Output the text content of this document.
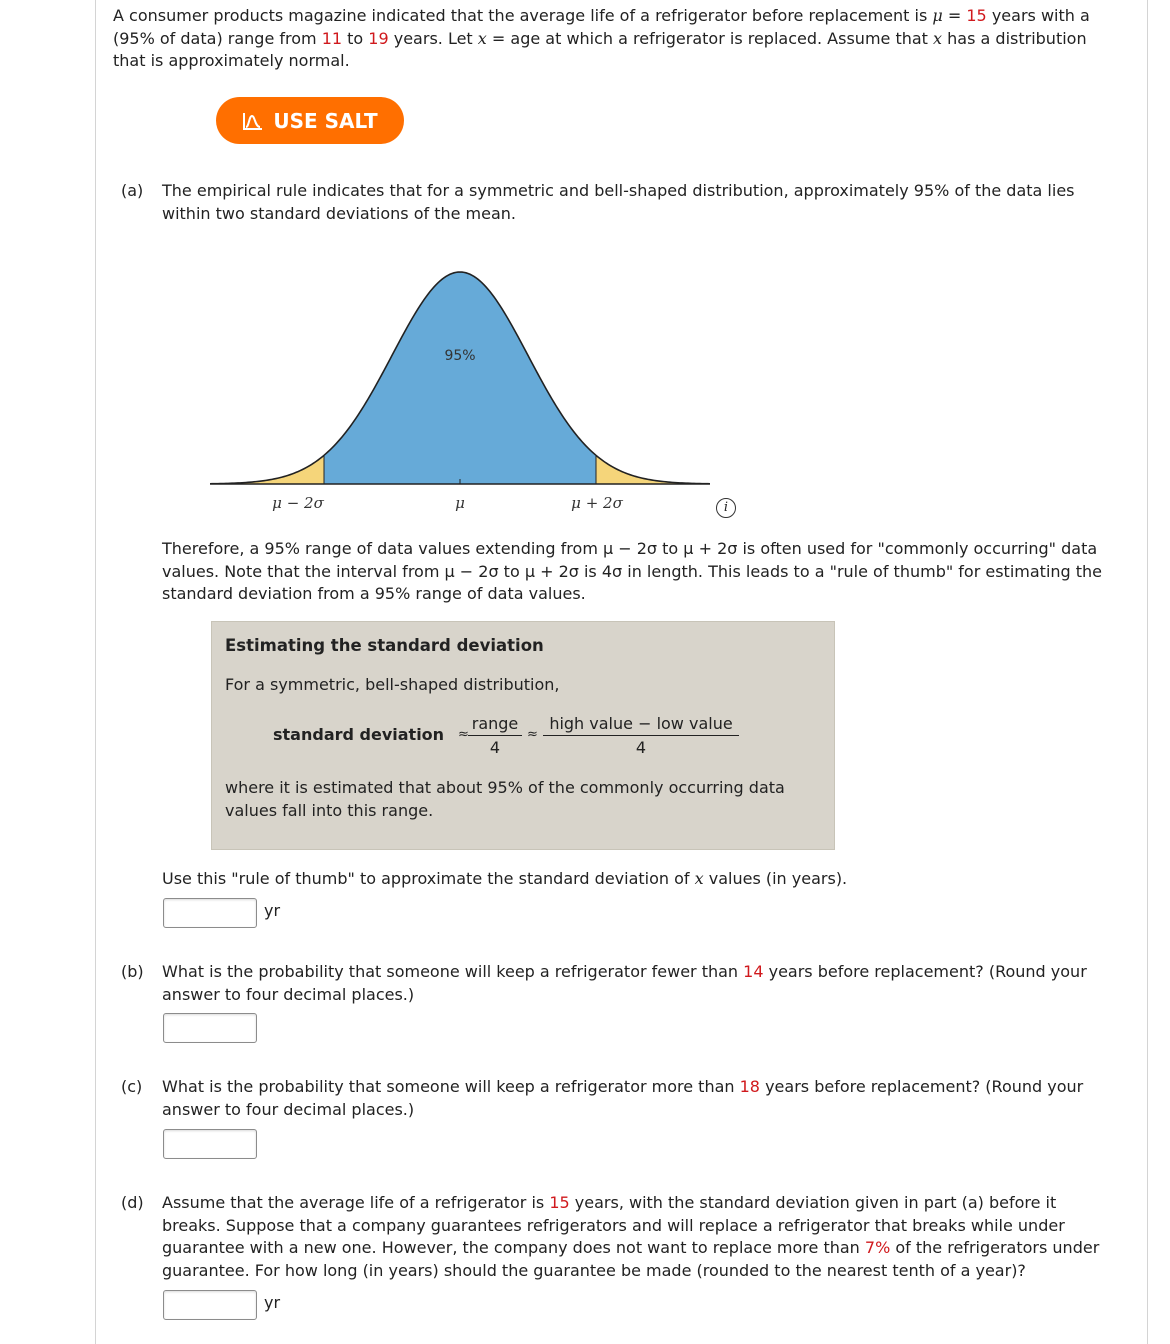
A consumer products magazine indicated that the average life of a refrigerator before replacement is μ = 15 years with a
(95% of data) range from 11 to 19 years. Let x = age at which a refrigerator is replaced. Assume that x has a distribution
that is approximately normal.
USE SALT
(a) The empirical rule indicates that for a symmetric and bell-shaped distribution, approximately 95% of the data lies
within two standard deviations of the mean.
95%
μ − 2σ	μ	μ + 2σ	i
Therefore, a 95% range of data values extending from μ − 2σ to μ + 2σ is often used for "commonly occurring" data
values. Note that the interval from μ − 2σ to μ + 2σ is 4σ in length. This leads to a "rule of thumb" for estimating the
standard deviation from a 95% range of data values.
Estimating the standard deviation
For a symmetric, bell-shaped distribution,
standard deviation ≈
range
4
≈
high value − low value
4
where it is estimated that about 95% of the commonly occurring data
values fall into this range.
Use this "rule of thumb" to approximate the standard deviation of x values (in years).
yr
(b) What is the probability that someone will keep a refrigerator fewer than 14 years before replacement? (Round your
answer to four decimal places.)
(c) What is the probability that someone will keep a refrigerator more than 18 years before replacement? (Round your
answer to four decimal places.)
(d) Assume that the average life of a refrigerator is 15 years, with the standard deviation given in part (a) before it
breaks. Suppose that a company guarantees refrigerators and will replace a refrigerator that breaks while under
guarantee with a new one. However, the company does not want to replace more than 7% of the refrigerators under
guarantee. For how long (in years) should the guarantee be made (rounded to the nearest tenth of a year)?
yr
